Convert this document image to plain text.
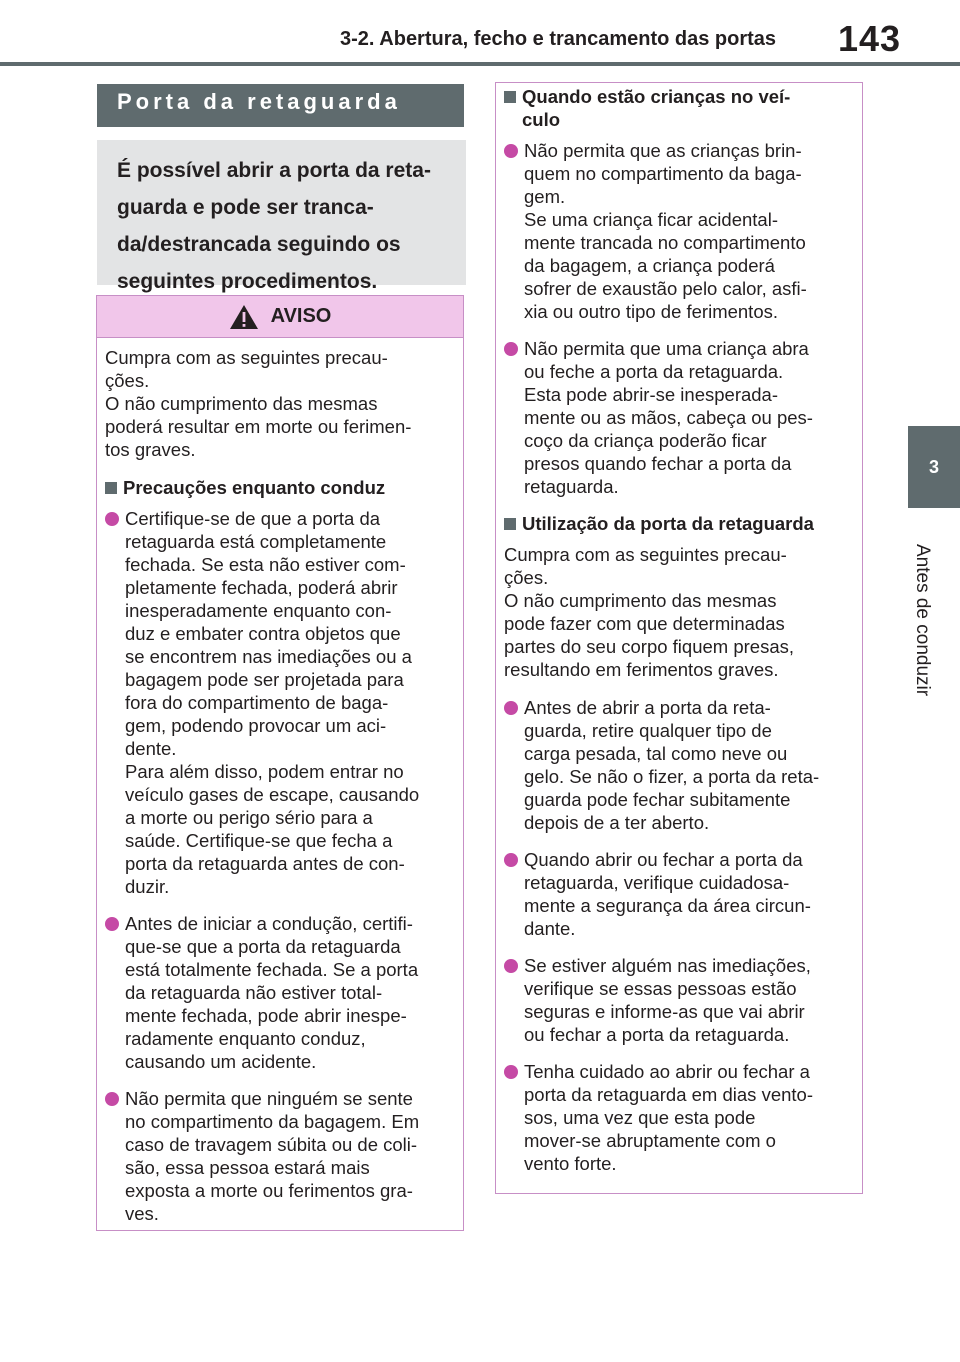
3-2. Abertura, fecho e trancamento das portas 143
3
Antes de conduzir
Porta da retaguarda

É possível abrir a porta da reta-

guarda e pode ser tranca-

da/destrancada seguindo os

seguintes procedimentos.

AVISO
Cumpra com as seguintes precau-
ções.
O não cumprimento das mesmas
poderá resultar em morte ou ferimen-
tos graves.
Precauções enquanto conduz
Certifique-se de que a porta da
retaguarda está completamente
fechada. Se esta não estiver com-
pletamente fechada, poderá abrir
inesperadamente enquanto con-
duz e embater contra objetos que
se encontrem nas imediações ou a
bagagem pode ser projetada para
fora do compartimento de baga-
gem, podendo provocar um aci-
dente.
Para além disso, podem entrar no
veículo gases de escape, causando
a morte ou perigo sério para a
saúde. Certifique-se que fecha a
porta da retaguarda antes de con-
duzir.
Antes de iniciar a condução, certifi-
que-se que a porta da retaguarda
está totalmente fechada. Se a porta
da retaguarda não estiver total-
mente fechada, pode abrir inespe-
radamente enquanto conduz,
causando um acidente.
Não permita que ninguém se sente
no compartimento da bagagem. Em
caso de travagem súbita ou de coli-
são, essa pessoa estará mais
exposta a morte ou ferimentos gra-
ves.
Quando estão crianças no veí-
culo
Não permita que as crianças brin-
quem no compartimento da baga-
gem.
Se uma criança ficar acidental-
mente trancada no compartimento
da bagagem, a criança poderá
sofrer de exaustão pelo calor, asfi-
xia ou outro tipo de ferimentos.
Não permita que uma criança abra
ou feche a porta da retaguarda.
Esta pode abrir-se inesperada-
mente ou as mãos, cabeça ou pes-
coço da criança poderão ficar
presos quando fechar a porta da
retaguarda.
Utilização da porta da retaguarda
Cumpra com as seguintes precau-
ções.
O não cumprimento das mesmas
pode fazer com que determinadas
partes do seu corpo fiquem presas,
resultando em ferimentos graves.
Antes de abrir a porta da reta-
guarda, retire qualquer tipo de
carga pesada, tal como neve ou
gelo. Se não o fizer, a porta da reta-
guarda pode fechar subitamente
depois de a ter aberto.
Quando abrir ou fechar a porta da
retaguarda, verifique cuidadosa-
mente a segurança da área circun-
dante.
Se estiver alguém nas imediações,
verifique se essas pessoas estão
seguras e informe-as que vai abrir
ou fechar a porta da retaguarda.
Tenha cuidado ao abrir ou fechar a
porta da retaguarda em dias vento-
sos, uma vez que esta pode
mover-se abruptamente com o
vento forte.
